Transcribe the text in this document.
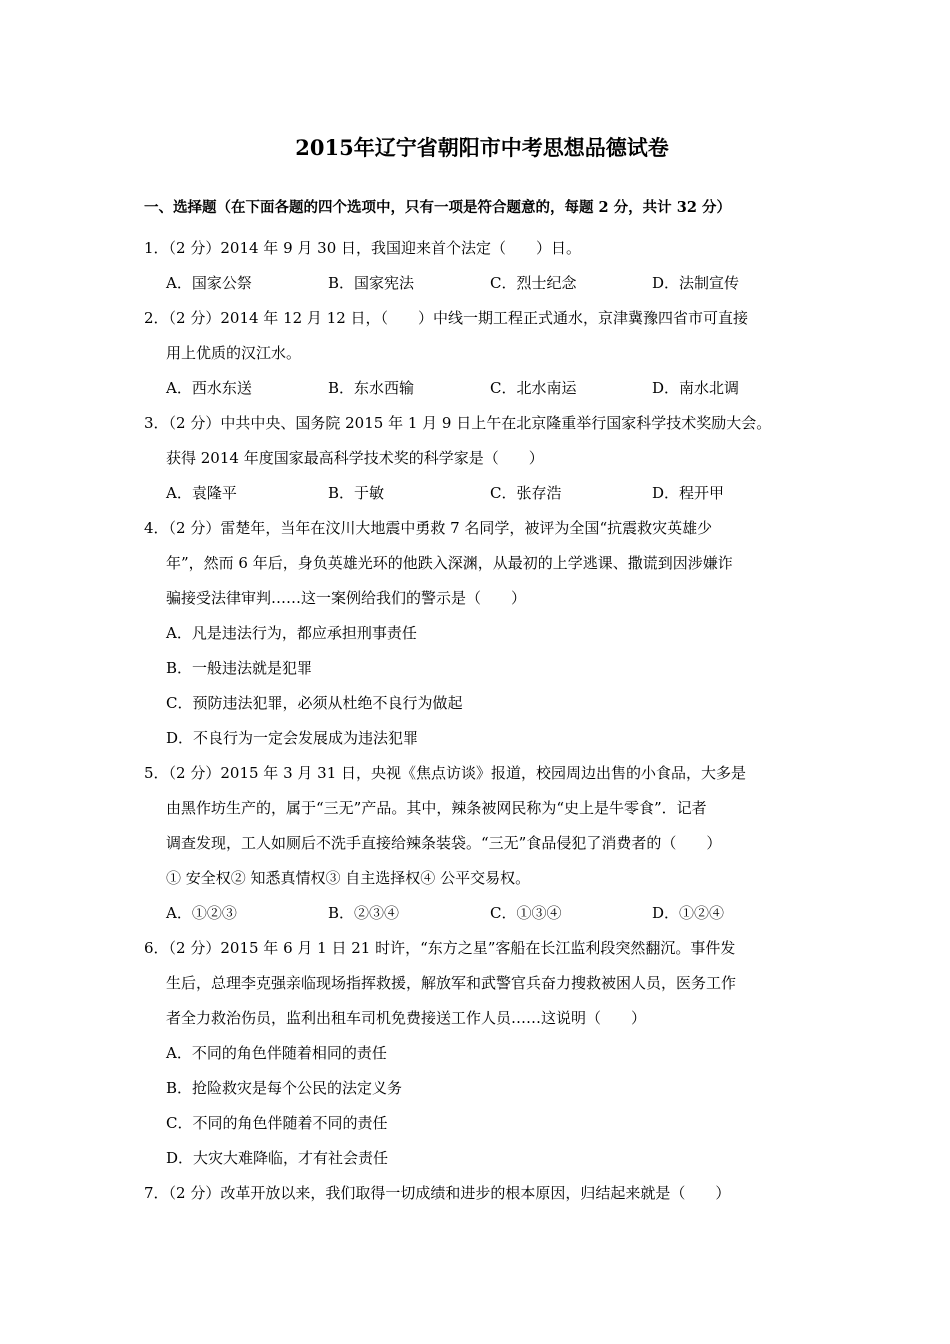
2015年辽宁省朝阳市中考思想品德试卷
一、选择题（在下面各题的四个选项中，只有一项是符合题意的，每题 2 分，共计 32 分）
1．（2 分）2014 年 9 月 30 日，我国迎来首个法定（　　）日。
A．国家公祭	B．国家宪法	C．烈士纪念	D．法制宣传
2．（2 分）2014 年 12 月 12 日，（　　）中线一期工程正式通水，京津冀豫四省市可直接
用上优质的汉江水。
A．西水东送	B．东水西输	C．北水南运	D．南水北调
3．（2 分）中共中央、国务院 2015 年 1 月 9 日上午在北京隆重举行国家科学技术奖励大会。
获得 2014 年度国家最高科学技术奖的科学家是（　　）
A．袁隆平	B．于敏	C．张存浩	D．程开甲
4．（2 分）雷楚年，当年在汶川大地震中勇救 7 名同学，被评为全国“抗震救灾英雄少
年”，然而 6 年后，身负英雄光环的他跌入深渊，从最初的上学逃课、撒谎到因涉嫌诈
骗接受法律审判……这一案例给我们的警示是（　　）
A．凡是违法行为，都应承担刑事责任
B．一般违法就是犯罪
C．预防违法犯罪，必须从杜绝不良行为做起
D．不良行为一定会发展成为违法犯罪
5．（2 分）2015 年 3 月 31 日，央视《焦点访谈》报道，校园周边出售的小食品，大多是
由黑作坊生产的，属于“三无”产品。其中，辣条被网民称为“史上是牛零食”．记者
调查发现，工人如厕后不洗手直接给辣条装袋。“三无”食品侵犯了消费者的（　　）
① 安全权② 知悉真情权③ 自主选择权④ 公平交易权。
A．①②③	B．②③④	C．①③④	D．①②④
6．（2 分）2015 年 6 月 1 日 21 时许，“东方之星”客船在长江监利段突然翻沉。事件发
生后，总理李克强亲临现场指挥救援，解放军和武警官兵奋力搜救被困人员，医务工作
者全力救治伤员，监利出租车司机免费接送工作人员……这说明（　　）
A．不同的角色伴随着相同的责任
B．抢险救灾是每个公民的法定义务
C．不同的角色伴随着不同的责任
D．大灾大难降临，才有社会责任
7．（2 分）改革开放以来，我们取得一切成绩和进步的根本原因，归结起来就是（　　）
